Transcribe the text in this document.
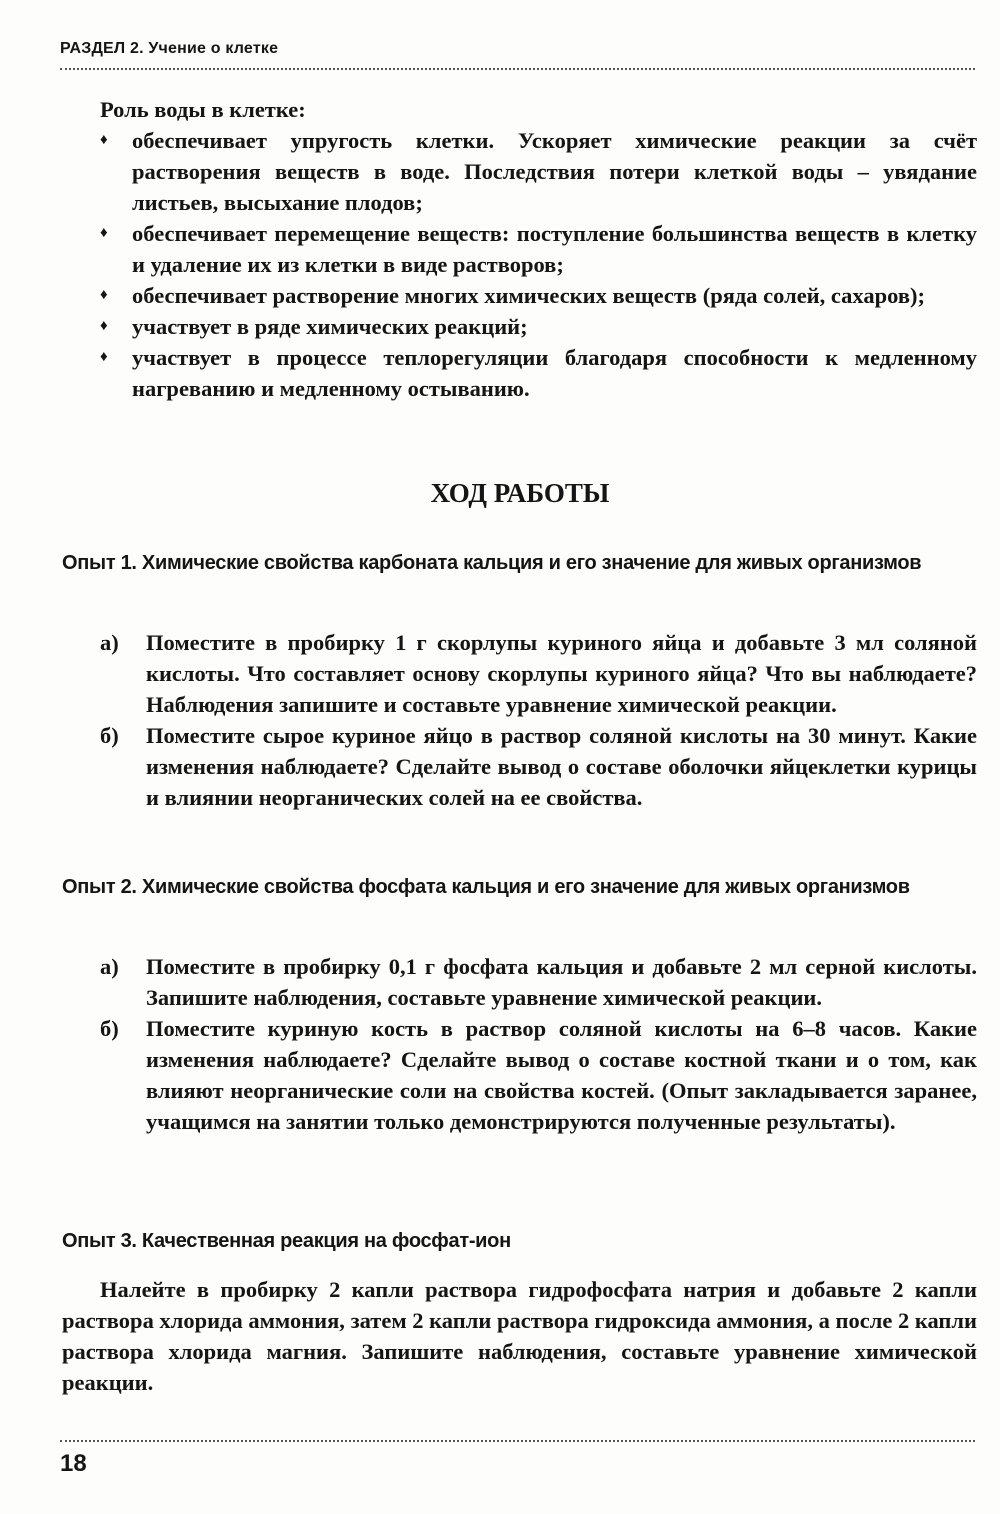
РАЗДЕЛ 2. Учение о клетке
Роль воды в клетке:
♦ обеспечивает упругость клетки. Ускоряет химические реакции за счёт растворения веществ в воде. Последствия потери клеткой воды – увядание листьев, высыхание плодов;
♦ обеспечивает перемещение веществ: поступление большинства веществ в клетку и удаление их из клетки в виде растворов;
♦ обеспечивает растворение многих химических веществ (ряда солей, сахаров);
♦ участвует в ряде химических реакций;
♦ участвует в процессе теплорегуляции благодаря способности к медленному нагреванию и медленному остыванию.
ХОД РАБОТЫ
Опыт 1. Химические свойства карбоната кальция и его значение для живых организмов
а) Поместите в пробирку 1 г скорлупы куриного яйца и добавьте 3 мл соляной кислоты. Что составляет основу скорлупы куриного яйца? Что вы наблюдаете? Наблюдения запишите и составьте уравнение химической реакции.
б) Поместите сырое куриное яйцо в раствор соляной кислоты на 30 минут. Какие изменения наблюдаете? Сделайте вывод о составе оболочки яйцеклетки курицы и влиянии неорганических солей на ее свойства.
Опыт 2. Химические свойства фосфата кальция и его значение для живых организмов
а) Поместите в пробирку 0,1 г фосфата кальция и добавьте 2 мл серной кислоты. Запишите наблюдения, составьте уравнение химической реакции.
б) Поместите куриную кость в раствор соляной кислоты на 6–8 часов. Какие изменения наблюдаете? Сделайте вывод о составе костной ткани и о том, как влияют неорганические соли на свойства костей. (Опыт закладывается заранее, учащимся на занятии только демонстрируются полученные результаты).
Опыт 3. Качественная реакция на фосфат-ион
Налейте в пробирку 2 капли раствора гидрофосфата натрия и добавьте 2 капли раствора хлорида аммония, затем 2 капли раствора гидроксида аммония, а после 2 капли раствора хлорида магния. Запишите наблюдения, составьте уравнение химической реакции.
18
